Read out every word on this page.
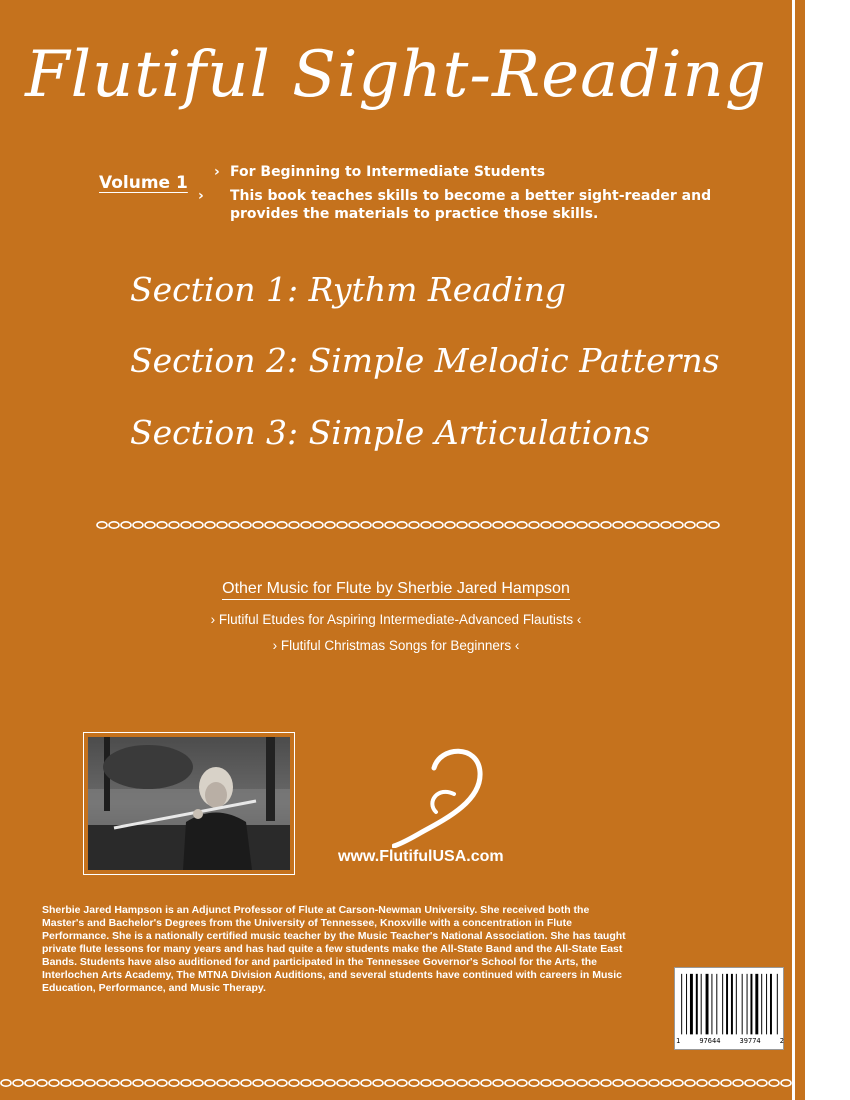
Flutiful Sight-Reading
Volume 1
› For Beginning to Intermediate Students
› This book teaches skills to become a better sight-reader and provides the materials to practice those skills.
Section 1: Rythm Reading
Section 2: Simple Melodic Patterns
Section 3: Simple Articulations
Other Music for Flute by Sherbie Jared Hampson
› Flutiful Etudes for Aspiring Intermediate-Advanced Flautists ‹
› Flutiful Christmas Songs for Beginners ‹
www.FlutifulUSA.com
Sherbie Jared Hampson is an Adjunct Professor of Flute at Carson-Newman University. She received both the Master's and Bachelor's Degrees from the University of Tennessee, Knoxville with a concentration in Flute Performance. She is a nationally certified music teacher by the Music Teacher's National Association. She has taught private flute lessons for many years and has had quite a few students make the All-State Band and the All-State East Bands. Students have also auditioned for and participated in the Tennessee Governor's School for the Arts, the Interlochen Arts Academy, The MTNA Division Auditions, and several students have continued with careers in Music Education, Performance, and Music Therapy.
1	97644	39774	2
